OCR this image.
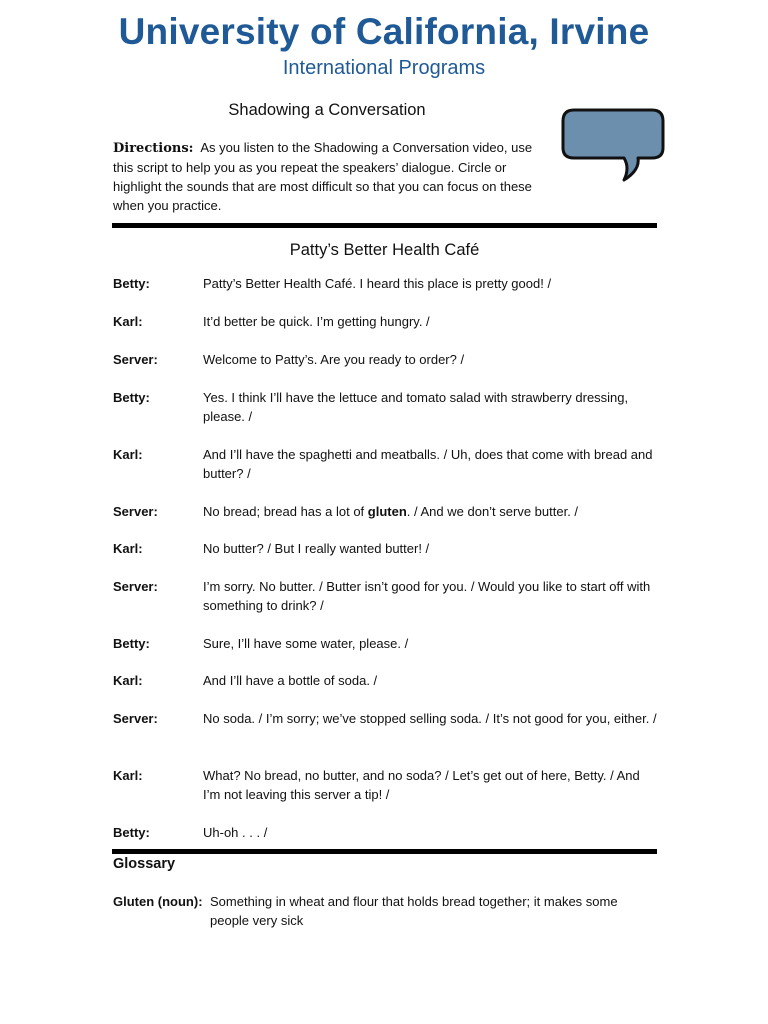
University of California, Irvine
International Programs
Shadowing a Conversation
Directions: As you listen to the Shadowing a Conversation video, use this script to help you as you repeat the speakers’ dialogue. Circle or highlight the sounds that are most difficult so that you can focus on these when you practice.
Patty’s Better Health Café
Betty:	Patty’s Better Health Café. I heard this place is pretty good! /
Karl:	It’d better be quick. I’m getting hungry. /
Server:	Welcome to Patty’s. Are you ready to order? /
Betty:	Yes. I think I’ll have the lettuce and tomato salad with strawberry dressing, please. /
Karl:	And I’ll have the spaghetti and meatballs. / Uh, does that come with bread and butter? /
Server:	No bread; bread has a lot of gluten. / And we don’t serve butter. /
Karl:	No butter? / But I really wanted butter! /
Server:	I’m sorry. No butter. / Butter isn’t good for you. / Would you like to start off with something to drink? /
Betty:	Sure, I’ll have some water, please. /
Karl:	And I’ll have a bottle of soda. /
Server:	No soda. / I’m sorry; we’ve stopped selling soda. / It’s not good for you, either. /
Karl:	What? No bread, no butter, and no soda? / Let’s get out of here, Betty. / And I’m not leaving this server a tip! /
Betty:	Uh-oh . . . /
Glossary
Gluten (noun): Something in wheat and flour that holds bread together; it makes some people very sick
